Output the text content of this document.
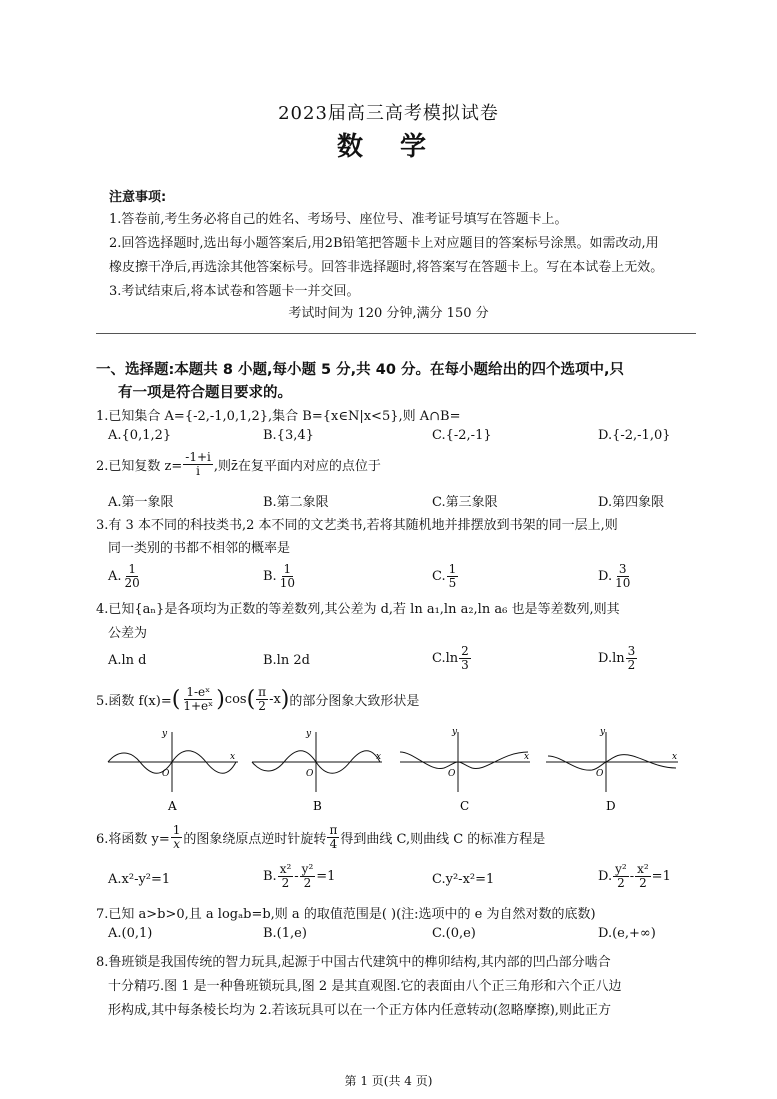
2023届高三高考模拟试卷
数 学
注意事项:
1.答卷前,考生务必将自己的姓名、考场号、座位号、准考证号填写在答题卡上。
2.回答选择题时,选出每小题答案后,用2B铅笔把答题卡上对应题目的答案标号涂黑。如需改动,用
橡皮擦干净后,再选涂其他答案标号。回答非选择题时,将答案写在答题卡上。写在本试卷上无效。
3.考试结束后,将本试卷和答题卡一并交回。
考试时间为 120 分钟,满分 150 分
一、选择题:本题共 8 小题,每小题 5 分,共 40 分。在每小题给出的四个选项中,只
有一项是符合题目要求的。
1.已知集合 A={-2,-1,0,1,2},集合 B={x∈N|x<5},则 A∩B=
A.{0,1,2}	B.{3,4}	C.{-2,-1}	D.{-2,-1,0}
2.已知复数 $z= \frac{-1+i}{i}$ ,则z̄在复平面内对应的点位于
A.第一象限	B.第二象限	C.第三象限	D.第四象限
3.有 3 本不同的科技类书,2 本不同的文艺类书,若将其随机地并排摆放到书架的同一层上,则
同一类别的书都不相邻的概率是
A. $\frac{1}{20}$	B. $\frac{1}{10}$	C. $\frac{1}{5}$	D. $\frac{3}{10}$
4.已知{aₙ}是各项均为正数的等差数列,其公差为 d,若 ln a₁,ln a₂,ln a₆ 也是等差数列,则其
公差为
A.ln d	B.ln 2d	$C.\ln \frac{2}{3}$	$D.\ln \frac{3}{2}$
5.函数 f(x)= ( $\frac{\text{1-eˣ}}{\text{1+eˣ}}$ ) cos ( $\frac{\pi}{2} -x$ ) 的部分图象大致形状是
O
x
y
A
O
x
y
B
O
x
y
C
O
x
y
D
6.将函数 $y= \frac{1}{x}$ 的图象绕原点逆时针旋转 $\frac{\pi}{4}$ 得到曲线 C,则曲线 C 的标准方程是
A.x²-y²=1	B. $\frac{\text{x²}}{2} - \frac{\text{y²}}{2} =1$	C.y²-x²=1	D. $\frac{\text{y²}}{2} - \frac{\text{x²}}{2} =1$
7.已知 a>b>0,且 a logₐb=b,则 a 的取值范围是( )(注:选项中的 e 为自然对数的底数)
A.(0,1)	B.(1,e)	C.(0,e)	D.(e,+∞)
8.鲁班锁是我国传统的智力玩具,起源于中国古代建筑中的榫卯结构,其内部的凹凸部分啮合
十分精巧.图 1 是一种鲁班锁玩具,图 2 是其直观图.它的表面由八个正三角形和六个正八边
形构成,其中每条棱长均为 2.若该玩具可以在一个正方体内任意转动(忽略摩擦),则此正方
第 1 页(共 4 页)
